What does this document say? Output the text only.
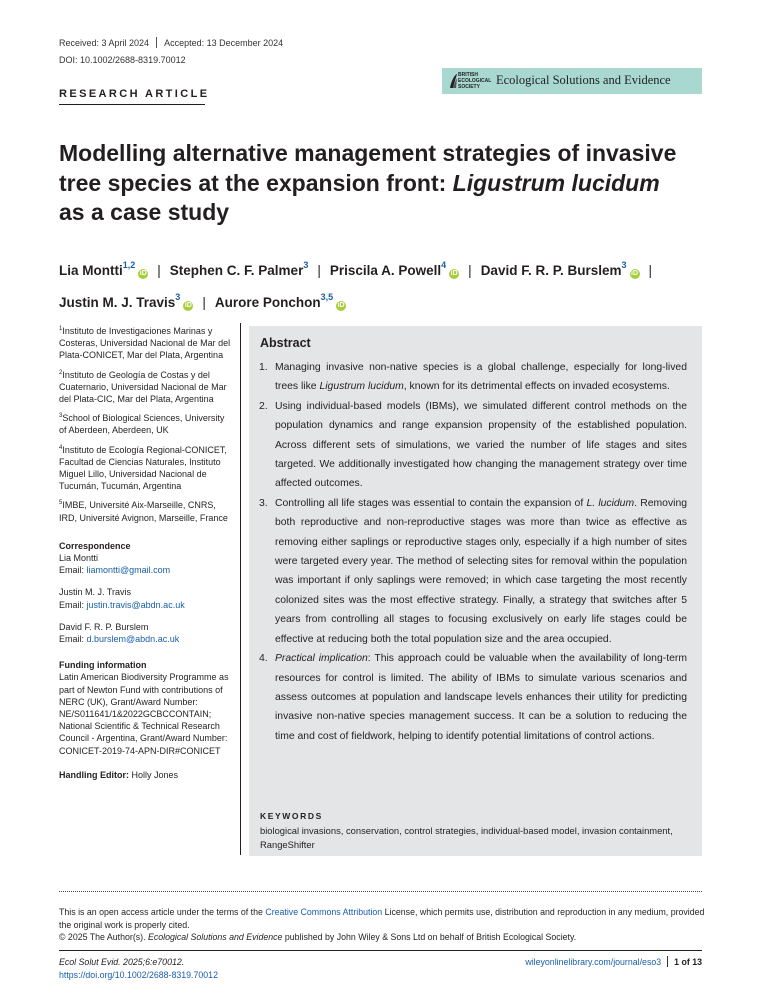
Received: 3 April 2024 Accepted: 13 December 2024
DOI: 10.1002/2688-8319.70012
BRITISH ECOLOGICAL SOCIETY	Ecological Solutions and Evidence
RESEARCH ARTICLE
Modelling alternative management strategies of invasive tree species at the expansion front: Ligustrum lucidum as a case study
Lia Montti$^{1,2}$iD | Stephen C. F. Palmer$^3$ | Priscila A. Powell$^4$iD | David F. R. P. Burslem$^3$iD |
Justin M. J. Travis$^3$iD | Aurore Ponchon$^{3,5}$iD
$^1$Instituto de Investigaciones Marinas y Costeras, Universidad Nacional de Mar del Plata-CONICET, Mar del Plata, Argentina
$^2$Instituto de Geología de Costas y del Cuaternario, Universidad Nacional de Mar del Plata-CIC, Mar del Plata, Argentina
$^3$School of Biological Sciences, University of Aberdeen, Aberdeen, UK
$^4$Instituto de Ecología Regional-CONICET, Facultad de Ciencias Naturales, Instituto Miguel Lillo, Universidad Nacional de Tucumán, Tucumán, Argentina
$^5$IMBE, Université Aix-Marseille, CNRS, IRD, Université Avignon, Marseille, France
Correspondence
Lia Montti
Email: liamontti@gmail.com
Justin M. J. Travis
Email: justin.travis@abdn.ac.uk
David F. R. P. Burslem
Email: d.burslem@abdn.ac.uk
Funding information
Latin American Biodiversity Programme as part of Newton Fund with contributions of NERC (UK), Grant/Award Number: NE/S011641/1&2022GCBCCONTAIN; National Scientific & Technical Research Council - Argentina, Grant/Award Number: CONICET-2019-74-APN-DIR#CONICET
Handling Editor: Holly Jones
Abstract
1. Managing invasive non-native species is a global challenge, especially for long-lived trees like Ligustrum lucidum, known for its detrimental effects on invaded ecosystems.
2. Using individual-based models (IBMs), we simulated different control methods on the population dynamics and range expansion propensity of the established population. Across different sets of simulations, we varied the number of life stages and sites targeted. We additionally investigated how changing the management strategy over time affected outcomes.
3. Controlling all life stages was essential to contain the expansion of L. lucidum. Removing both reproductive and non-reproductive stages was more than twice as effective as removing either saplings or reproductive stages only, especially if a high number of sites were targeted every year. The method of selecting sites for removal within the population was important if only saplings were removed; in which case targeting the most recently colonized sites was the most effective strategy. Finally, a strategy that switches after 5 years from controlling all stages to focusing exclusively on early life stages could be effective at reducing both the total population size and the area occupied.
4. Practical implication: This approach could be valuable when the availability of long-term resources for control is limited. The ability of IBMs to simulate various scenarios and assess outcomes at population and landscape levels enhances their utility for predicting invasive non-native species management success. It can be a solution to reducing the time and cost of fieldwork, helping to identify potential limitations of control actions.
KEYWORDS
biological invasions, conservation, control strategies, individual-based model, invasion containment, RangeShifter
This is an open access article under the terms of the Creative Commons Attribution License, which permits use, distribution and reproduction in any medium, provided the original work is properly cited.
© 2025 The Author(s). Ecological Solutions and Evidence published by John Wiley & Sons Ltd on behalf of British Ecological Society.
Ecol Solut Evid. 2025;6:e70012.
https://doi.org/10.1002/2688-8319.70012
wileyonlinelibrary.com/journal/eso3 1 of 13
